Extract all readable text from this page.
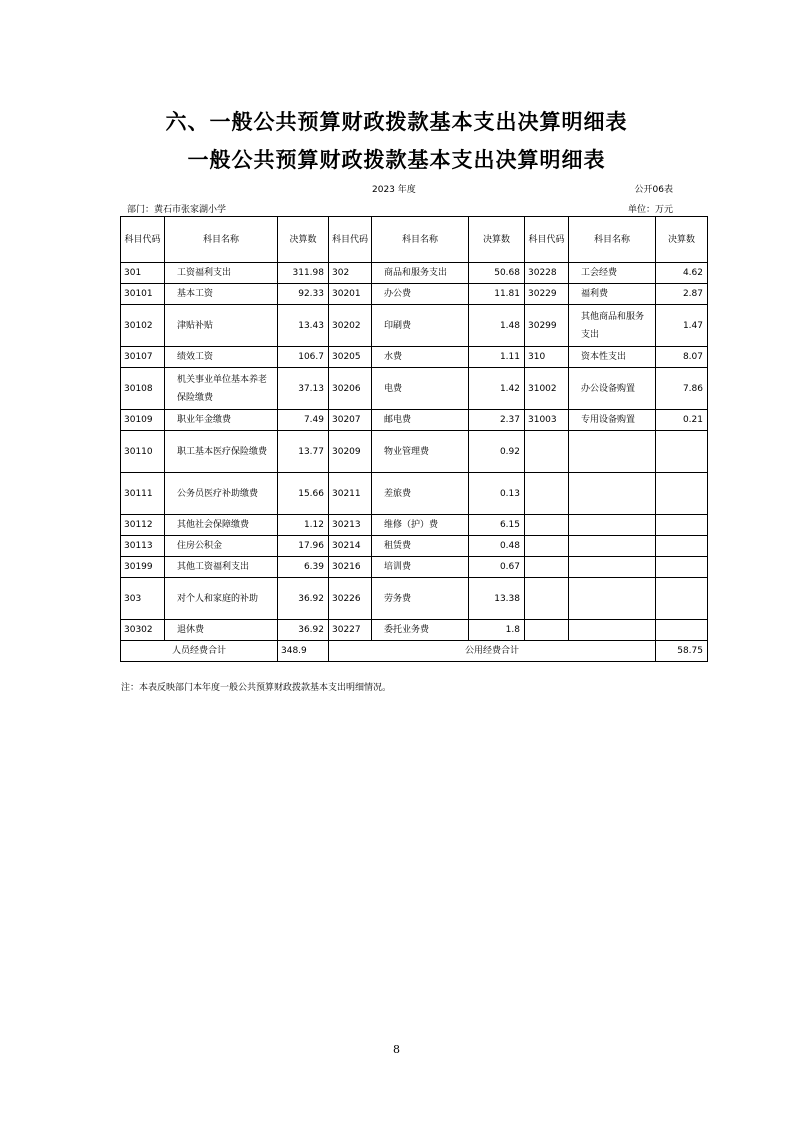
六、一般公共预算财政拨款基本支出决算明细表
一般公共预算财政拨款基本支出决算明细表
2023 年度	公开06表
部门：黄石市张家湖小学	单位：万元
科目代码	科目名称	决算数	科目代码	科目名称	决算数	科目代码	科目名称	决算数
301	工资福利支出	311.98	302	商品和服务支出	50.68	30228	工会经费	4.62
30101	基本工资	92.33	30201	办公费	11.81	30229	福利费	2.87
30102	津贴补贴	13.43	30202	印刷费	1.48	30299	其他商品和服务支出	1.47
30107	绩效工资	106.7	30205	水费	1.11	310	资本性支出	8.07
30108	机关事业单位基本养老保险缴费	37.13	30206	电费	1.42	31002	办公设备购置	7.86
30109	职业年金缴费	7.49	30207	邮电费	2.37	31003	专用设备购置	0.21
30110	职工基本医疗保险缴费	13.77	30209	物业管理费	0.92			
30111	公务员医疗补助缴费	15.66	30211	差旅费	0.13			
30112	其他社会保障缴费	1.12	30213	维修（护）费	6.15			
30113	住房公积金	17.96	30214	租赁费	0.48			
30199	其他工资福利支出	6.39	30216	培训费	0.67			
303	对个人和家庭的补助	36.92	30226	劳务费	13.38			
30302	退休费	36.92	30227	委托业务费	1.8			
人员经费合计		348.9	公用经费合计					58.75
注：本表反映部门本年度一般公共预算财政拨款基本支出明细情况。
8
